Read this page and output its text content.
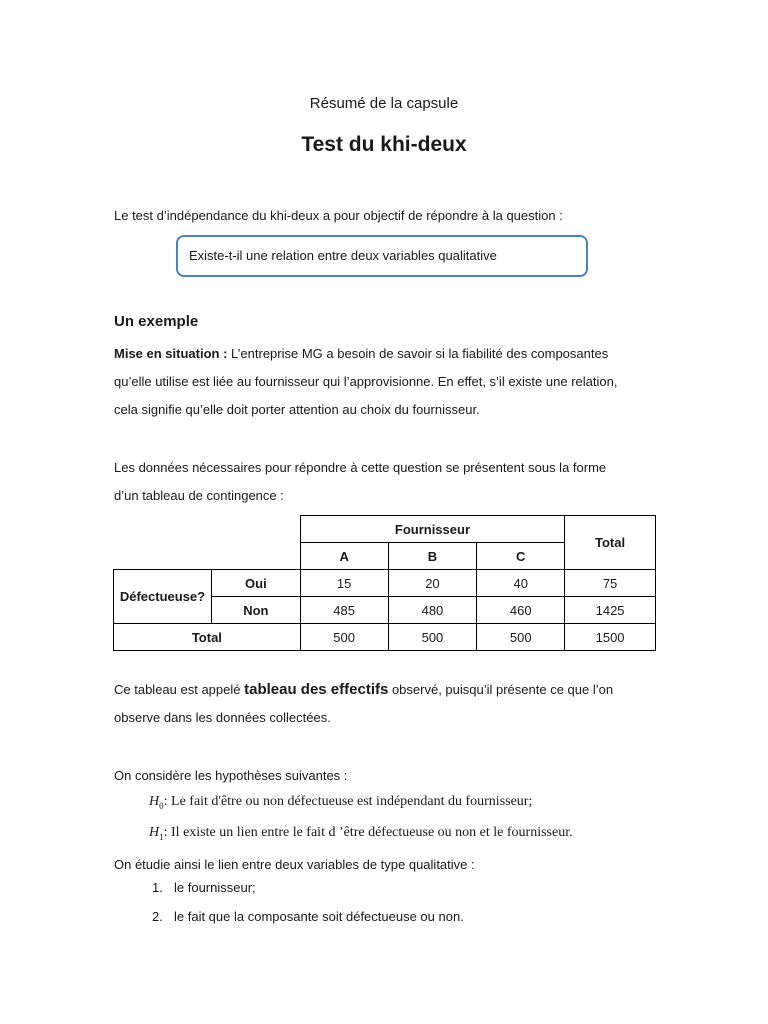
Résumé de la capsule
Test du khi-deux
Le test d’indépendance du khi-deux a pour objectif de répondre à la question :
Existe-t-il une relation entre deux variables qualitative
Un exemple
Mise en situation : L’entreprise MG a besoin de savoir si la fiabilité des composantes
qu’elle utilise est liée au fournisseur qui l’approvisionne. En effet, s’il existe une relation,
cela signifie qu’elle doit porter attention au choix du fournisseur.
Les données nécessaires pour répondre à cette question se présentent sous la forme
d’un tableau de contingence :
		Fournisseur			Total
		A	B	C	
Défectueuse?	Oui	15	20	40	75
	Non	485	480	460	1425
Total		500	500	500	1500
Ce tableau est appelé tableau des effectifs observé, puisqu’il présente ce que l’on
observe dans les données collectées.
On considère les hypothèses suivantes :
$H_0$: Le fait d'être ou non défectueuse est indépendant du fournisseur;
$H_1$: Il existe un lien entre le fait d ’être défectueuse ou non et le fournisseur.
On étudie ainsi le lien entre deux variables de type qualitative :
1. le fournisseur;
2. le fait que la composante soit défectueuse ou non.
